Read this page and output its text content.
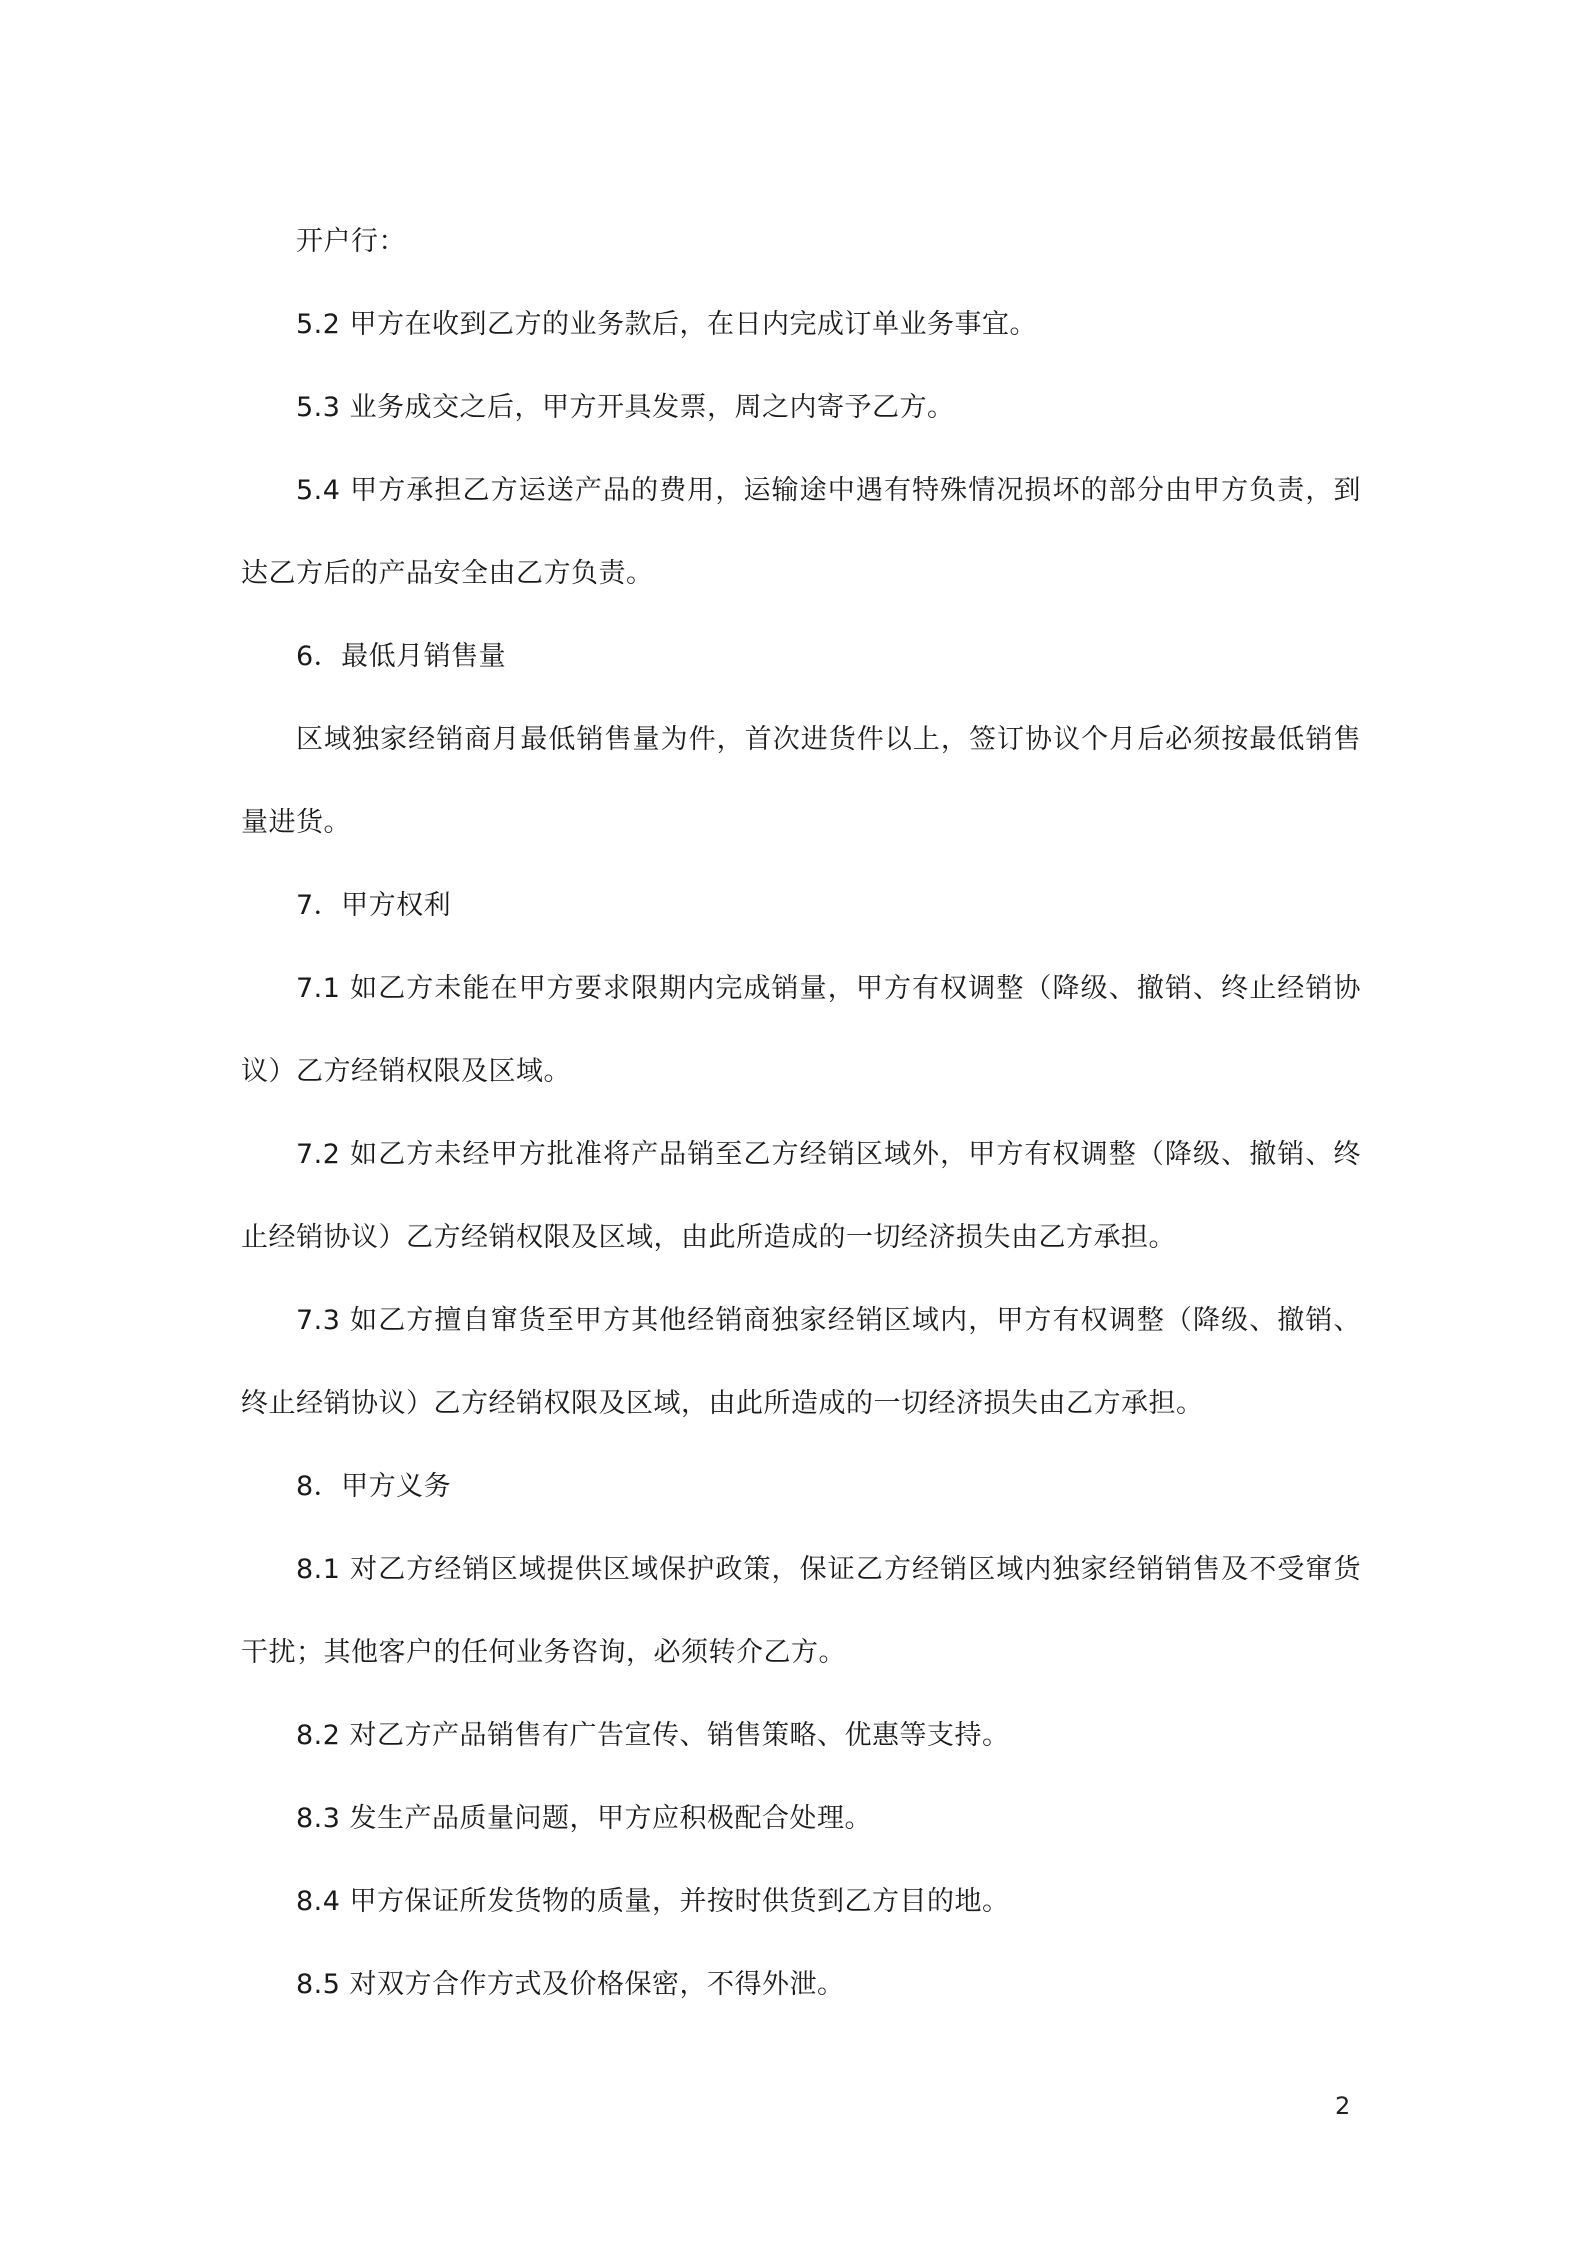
开户行：

5.2 甲方在收到乙方的业务款后，在日内完成订单业务事宜。

5.3 业务成交之后，甲方开具发票，周之内寄予乙方。

5.4 甲方承担乙方运送产品的费用，运输途中遇有特殊情况损坏的部分由甲方负责，到达乙方后的产品安全由乙方负责。

6．最低月销售量

区域独家经销商月最低销售量为件，首次进货件以上，签订协议个月后必须按最低销售量进货。

7．甲方权利

7.1 如乙方未能在甲方要求限期内完成销量，甲方有权调整（降级、撤销、终止经销协议）乙方经销权限及区域。

7.2 如乙方未经甲方批准将产品销至乙方经销区域外，甲方有权调整（降级、撤销、终止经销协议）乙方经销权限及区域，由此所造成的一切经济损失由乙方承担。

7.3 如乙方擅自窜货至甲方其他经销商独家经销区域内，甲方有权调整（降级、撤销、终止经销协议）乙方经销权限及区域，由此所造成的一切经济损失由乙方承担。

8．甲方义务

8.1 对乙方经销区域提供区域保护政策，保证乙方经销区域内独家经销销售及不受窜货干扰；其他客户的任何业务咨询，必须转介乙方。

8.2 对乙方产品销售有广告宣传、销售策略、优惠等支持。

8.3 发生产品质量问题，甲方应积极配合处理。

8.4 甲方保证所发货物的质量，并按时供货到乙方目的地。

8.5 对双方合作方式及价格保密，不得外泄。

2
